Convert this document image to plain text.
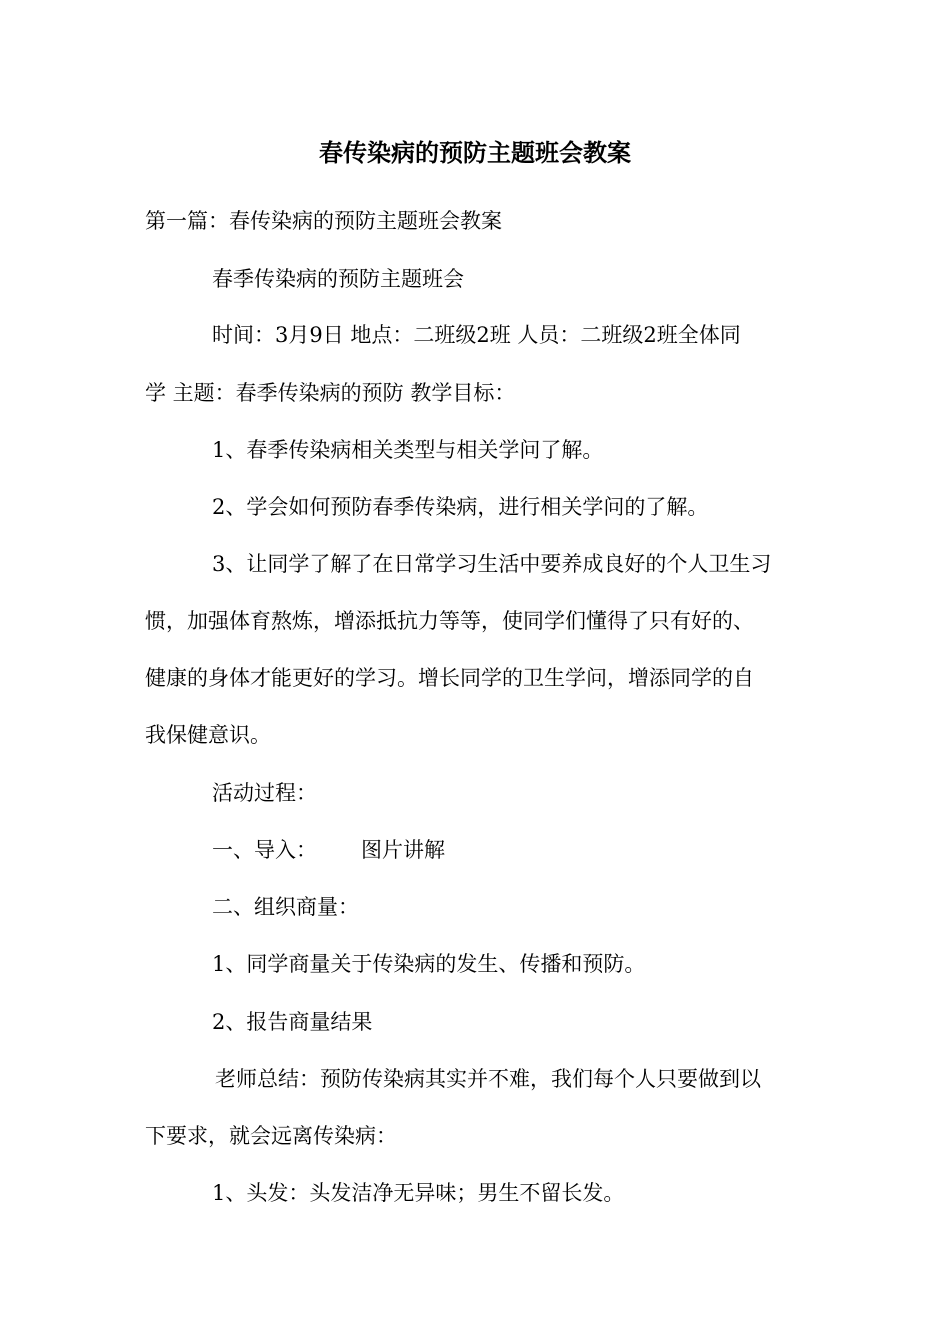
春传染病的预防主题班会教案
第一篇：春传染病的预防主题班会教案
春季传染病的预防主题班会
时间：3月9日 地点：二班级2班 人员：二班级2班全体同
学 主题：春季传染病的预防 教学目标：
1、春季传染病相关类型与相关学问了解。
2、学会如何预防春季传染病，进行相关学问的了解。
3、让同学了解了在日常学习生活中要养成良好的个人卫生习
惯，加强体育熬炼，增添抵抗力等等，使同学们懂得了只有好的、
健康的身体才能更好的学习。增长同学的卫生学问，增添同学的自
我保健意识。
活动过程：
一、导入： 图片讲解
二、组织商量：
1、同学商量关于传染病的发生、传播和预防。
2、报告商量结果
老师总结：预防传染病其实并不难，我们每个人只要做到以
下要求，就会远离传染病：
1、头发：头发洁净无异味；男生不留长发。
